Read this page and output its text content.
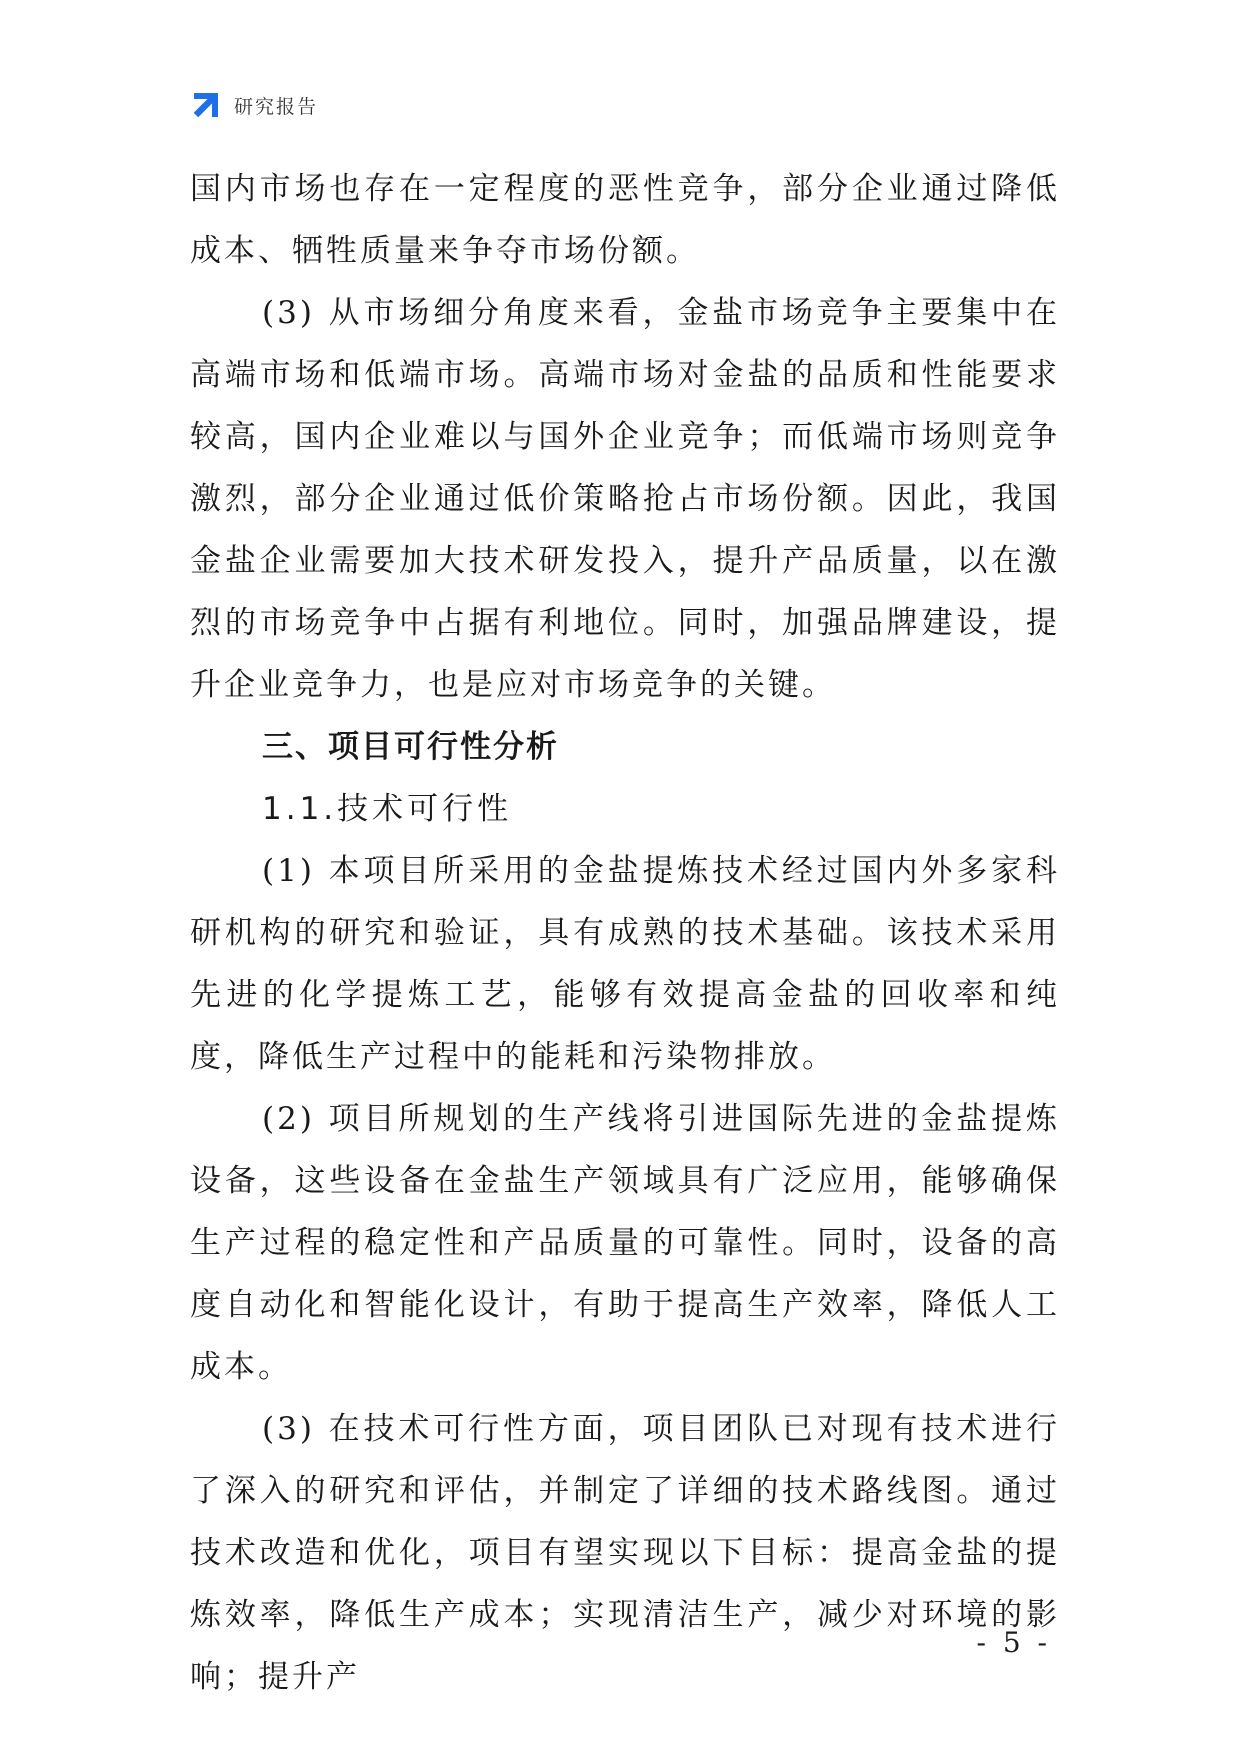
研究报告

国内市场也存在一定程度的恶性竞争，部分企业通过降低成本、牺牲质量来争夺市场份额。

(3) 从市场细分角度来看，金盐市场竞争主要集中在高端市场和低端市场。高端市场对金盐的品质和性能要求较高，国内企业难以与国外企业竞争；而低端市场则竞争激烈，部分企业通过低价策略抢占市场份额。因此，我国金盐企业需要加大技术研发投入，提升产品质量，以在激烈的市场竞争中占据有利地位。同时，加强品牌建设，提升企业竞争力，也是应对市场竞争的关键。

三、项目可行性分析
1.1.技术可行性

(1) 本项目所采用的金盐提炼技术经过国内外多家科研机构的研究和验证，具有成熟的技术基础。该技术采用先进的化学提炼工艺，能够有效提高金盐的回收率和纯度，降低生产过程中的能耗和污染物排放。

(2) 项目所规划的生产线将引进国际先进的金盐提炼设备，这些设备在金盐生产领域具有广泛应用，能够确保生产过程的稳定性和产品质量的可靠性。同时，设备的高度自动化和智能化设计，有助于提高生产效率，降低人工成本。

(3) 在技术可行性方面，项目团队已对现有技术进行了深入的研究和评估，并制定了详细的技术路线图。通过技术改造和优化，项目有望实现以下目标：提高金盐的提炼效率，降低生产成本；实现清洁生产，减少对环境的影响；提升产

- 5 -
